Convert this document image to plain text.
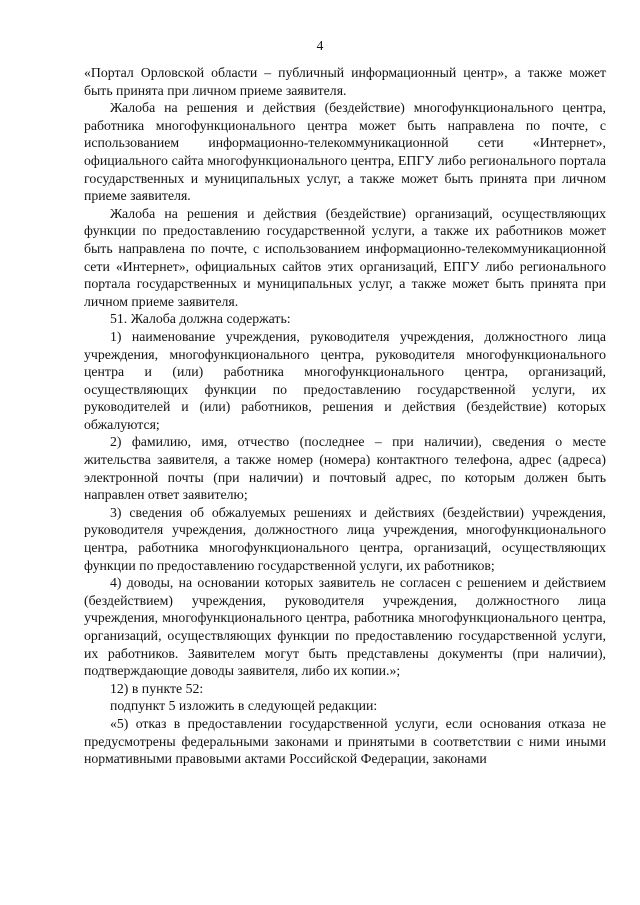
4

«Портал Орловской области – публичный информационный центр», а также может быть принята при личном приеме заявителя.

Жалоба на решения и действия (бездействие) многофункционального центра, работника многофункционального центра может быть направлена по почте, с использованием информационно-телекоммуникационной сети «Интернет», официального сайта многофункционального центра, ЕПГУ либо регионального портала государственных и муниципальных услуг, а также может быть принята при личном приеме заявителя.

Жалоба на решения и действия (бездействие) организаций, осуществляющих функции по предоставлению государственной услуги, а также их работников может быть направлена по почте, с использованием информационно-телекоммуникационной сети «Интернет», официальных сайтов этих организаций, ЕПГУ либо регионального портала государственных и муниципальных услуг, а также может быть принята при личном приеме заявителя.

51. Жалоба должна содержать:

1) наименование учреждения, руководителя учреждения, должностного лица учреждения, многофункционального центра, руководителя многофункционального центра и (или) работника многофункционального центра, организаций, осуществляющих функции по предоставлению государственной услуги, их руководителей и (или) работников, решения и действия (бездействие) которых обжалуются;

2) фамилию, имя, отчество (последнее – при наличии), сведения о месте жительства заявителя, а также номер (номера) контактного телефона, адрес (адреса) электронной почты (при наличии) и почтовый адрес, по которым должен быть направлен ответ заявителю;

3) сведения об обжалуемых решениях и действиях (бездействии) учреждения, руководителя учреждения, должностного лица учреждения, многофункционального центра, работника многофункционального центра, организаций, осуществляющих функции по предоставлению государственной услуги, их работников;

4) доводы, на основании которых заявитель не согласен с решением и действием (бездействием) учреждения, руководителя учреждения, должностного лица учреждения, многофункционального центра, работника многофункционального центра, организаций, осуществляющих функции по предоставлению государственной услуги, их работников. Заявителем могут быть представлены документы (при наличии), подтверждающие доводы заявителя, либо их копии.»;

12) в пункте 52:

подпункт 5 изложить в следующей редакции:

«5) отказ в предоставлении государственной услуги, если основания отказа не предусмотрены федеральными законами и принятыми в соответствии с ними иными нормативными правовыми актами Российской Федерации, законами
